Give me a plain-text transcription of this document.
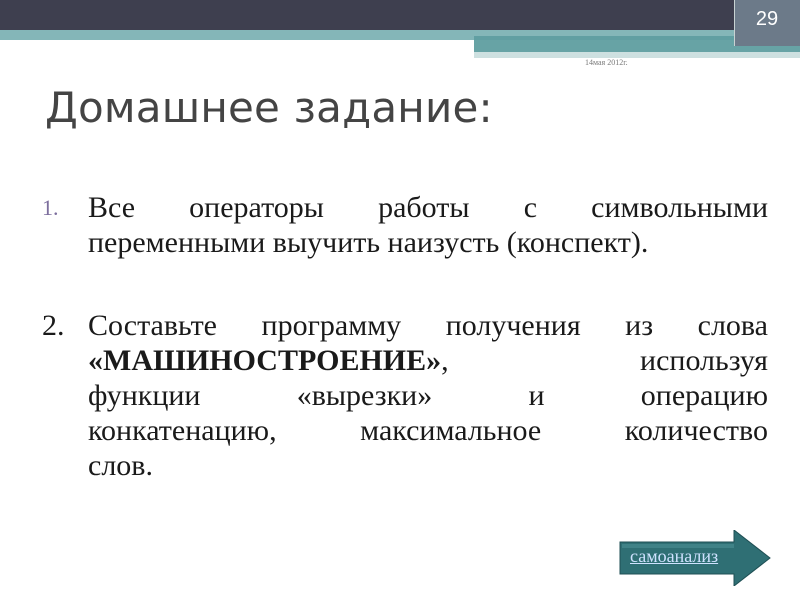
29
14мая 2012г.
Домашнее задание:
1. Все операторы работы с символьными
переменными выучить наизусть (конспект).
2. Составьте программу получения из слова
«МАШИНОСТРОЕНИЕ», используя
функции «вырезки» и операцию
конкатенацию, максимальное количество
слов.
самоанализ
